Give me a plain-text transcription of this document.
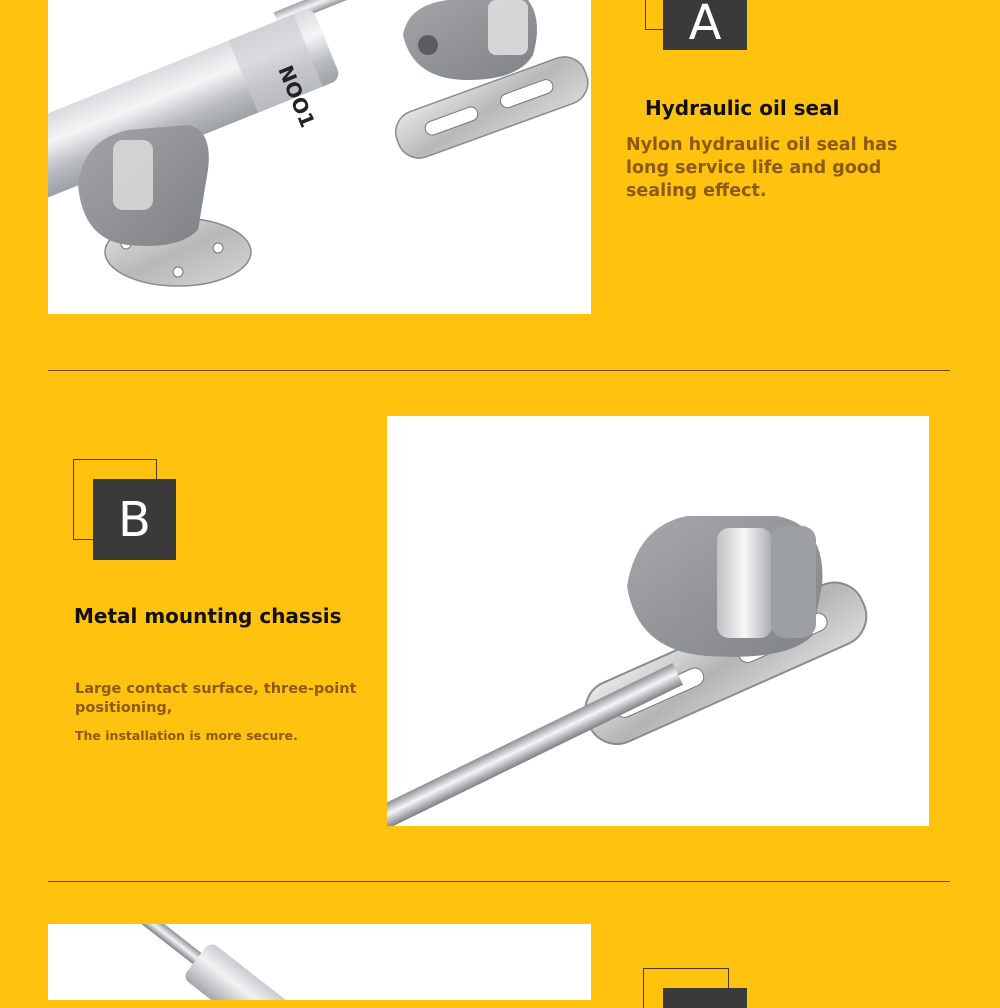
NOO1
A
Hydraulic oil seal

Nylon hydraulic oil seal has long service life and good sealing effect.

B
Metal mounting chassis

Large contact surface, three-point positioning,

The installation is more secure.
